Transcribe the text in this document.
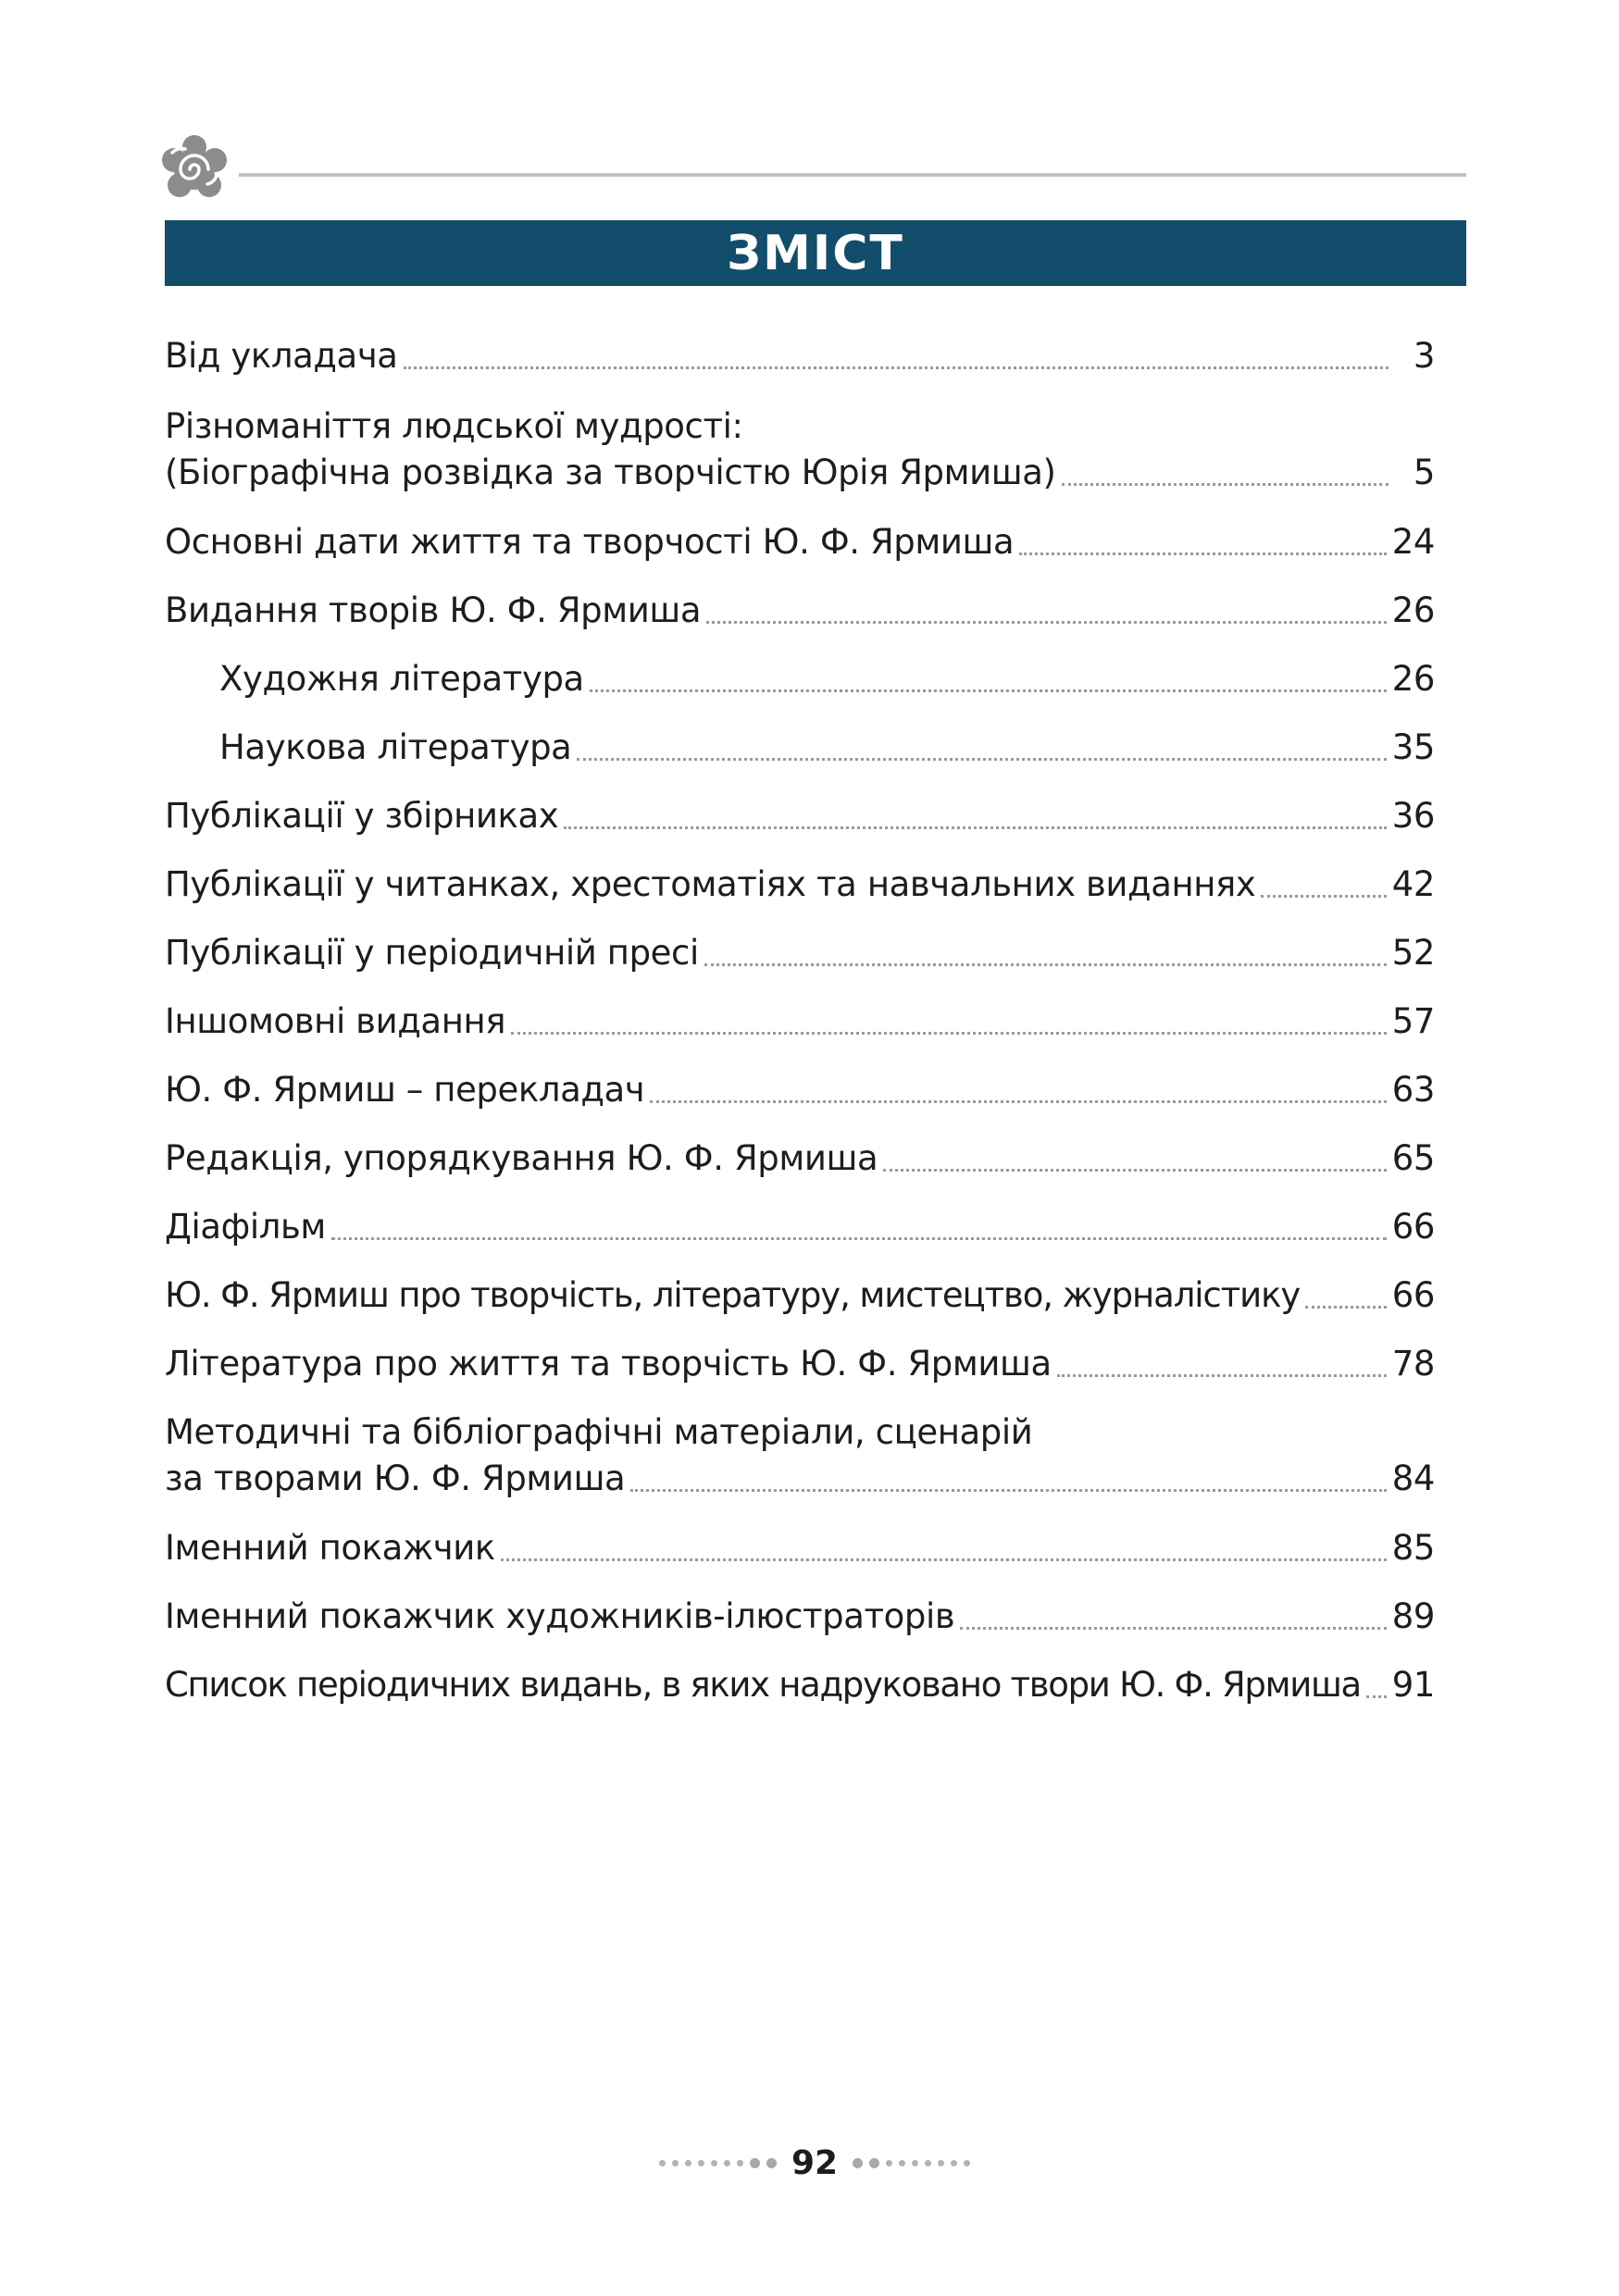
ЗМІСТ
Від укладача	3
Різноманіття людської мудрості:
(Біографічна розвідка за творчістю Юрія Ярмиша)	5
Основні дати життя та творчості Ю. Ф. Ярмиша	24
Видання творів Ю. Ф. Ярмиша	26
Художня література	26
Наукова література	35
Публікації у збірниках	36
Публікації у читанках, хрестоматіях та навчальних виданнях	42
Публікації у періодичній пресі	52
Іншомовні видання	57
Ю. Ф. Ярмиш – перекладач	63
Редакція, упорядкування Ю. Ф. Ярмиша	65
Діафільм	66
Ю. Ф. Ярмиш про творчість, літературу, мистецтво, журналістику	66
Література про життя та творчість Ю. Ф. Ярмиша	78
Методичні та бібліографічні матеріали, сценарій
за творами Ю. Ф. Ярмиша	84
Іменний покажчик	85
Іменний покажчик художників-ілюстраторів	89
Список періодичних видань, в яких надруковано твори Ю. Ф. Ярмиша 91
92
